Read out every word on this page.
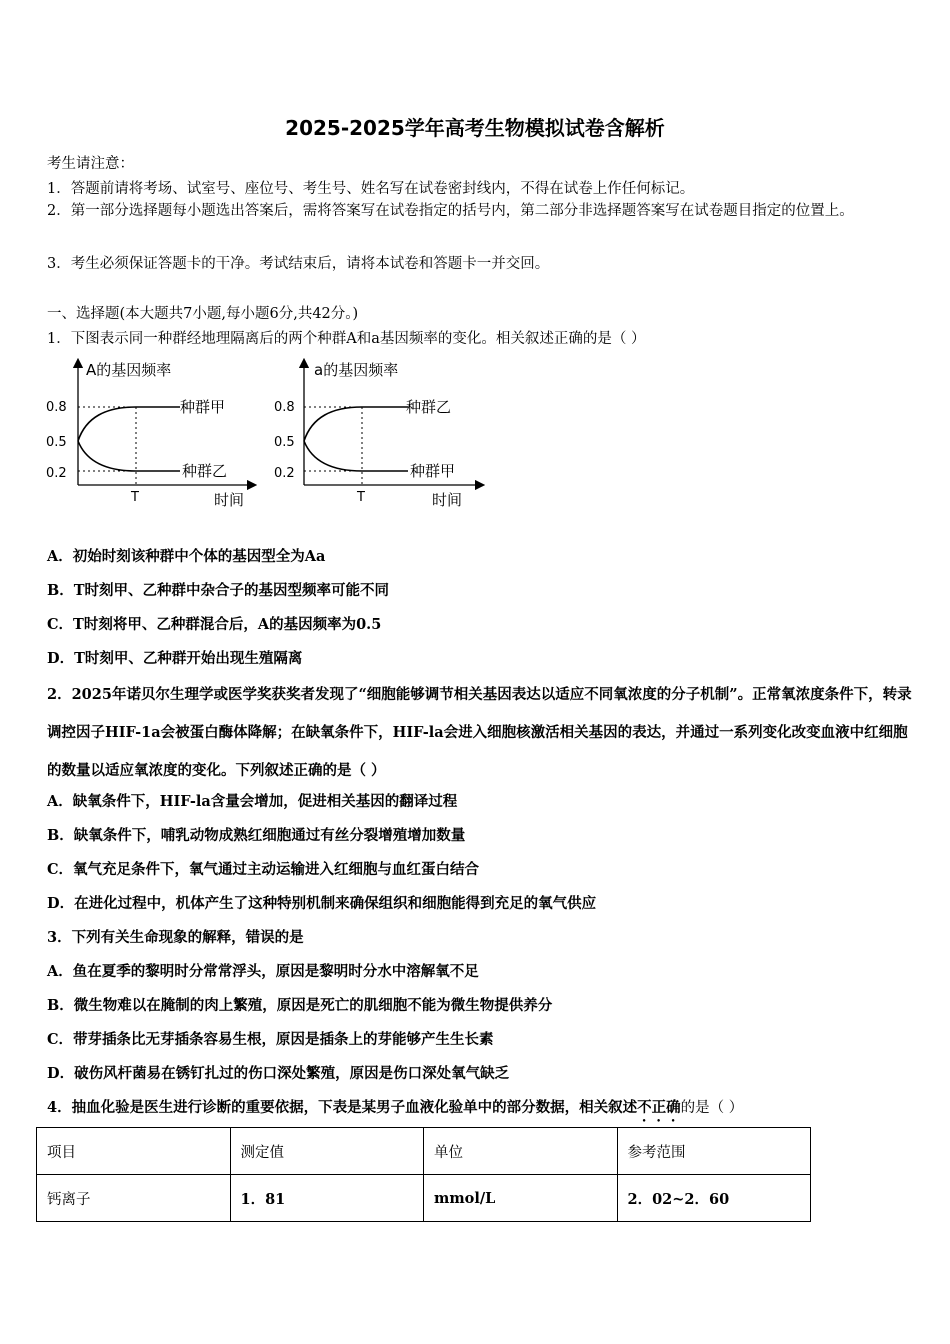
2025-2025学年高考生物模拟试卷含解析
考生请注意：
1．答题前请将考场、试室号、座位号、考生号、姓名写在试卷密封线内，不得在试卷上作任何标记。
2．第一部分选择题每小题选出答案后，需将答案写在试卷指定的括号内，第二部分非选择题答案写在试卷题目指定的位置上。
3．考生必须保证答题卡的干净。考试结束后，请将本试卷和答题卡一并交回。
一、选择题(本大题共7小题,每小题6分,共42分。)
1．下图表示同一种群经地理隔离后的两个种群A和a基因频率的变化。相关叙述正确的是（ ）
A的基因频率
0.8
0.5
0.2
种群甲
种群乙
T	时间
a的基因频率
0.8
0.5
0.2
种群乙
种群甲
T	时间
A．初始时刻该种群中个体的基因型全为Aa
B．T时刻甲、乙种群中杂合子的基因型频率可能不同
C．T时刻将甲、乙种群混合后，A的基因频率为0.5
D．T时刻甲、乙种群开始出现生殖隔离
2．2025年诺贝尔生理学或医学奖获奖者发现了“细胞能够调节相关基因表达以适应不同氧浓度的分子机制”。正常氧浓度条件下，转录调控因子HIF-1a会被蛋白酶体降解；在缺氧条件下，HIF-la会进入细胞核激活相关基因的表达，并通过一系列变化改变血液中红细胞的数量以适应氧浓度的变化。下列叙述正确的是（ ）
A．缺氧条件下，HIF-la含量会增加，促进相关基因的翻译过程
B．缺氧条件下，哺乳动物成熟红细胞通过有丝分裂增殖增加数量
C．氧气充足条件下，氧气通过主动运输进入红细胞与血红蛋白结合
D．在进化过程中，机体产生了这种特别机制来确保组织和细胞能得到充足的氧气供应
3．下列有关生命现象的解释，错误的是
A．鱼在夏季的黎明时分常常浮头，原因是黎明时分水中溶解氧不足
B．微生物难以在腌制的肉上繁殖，原因是死亡的肌细胞不能为微生物提供养分
C．带芽插条比无芽插条容易生根，原因是插条上的芽能够产生生长素
D．破伤风杆菌易在锈钉扎过的伤口深处繁殖，原因是伤口深处氧气缺乏
4．抽血化验是医生进行诊断的重要依据，下表是某男子血液化验单中的部分数据，相关叙述不正确的是（ ）
项目	测定值	单位	参考范围
钙离子	1．81	mmol/L	2．02~2．60
